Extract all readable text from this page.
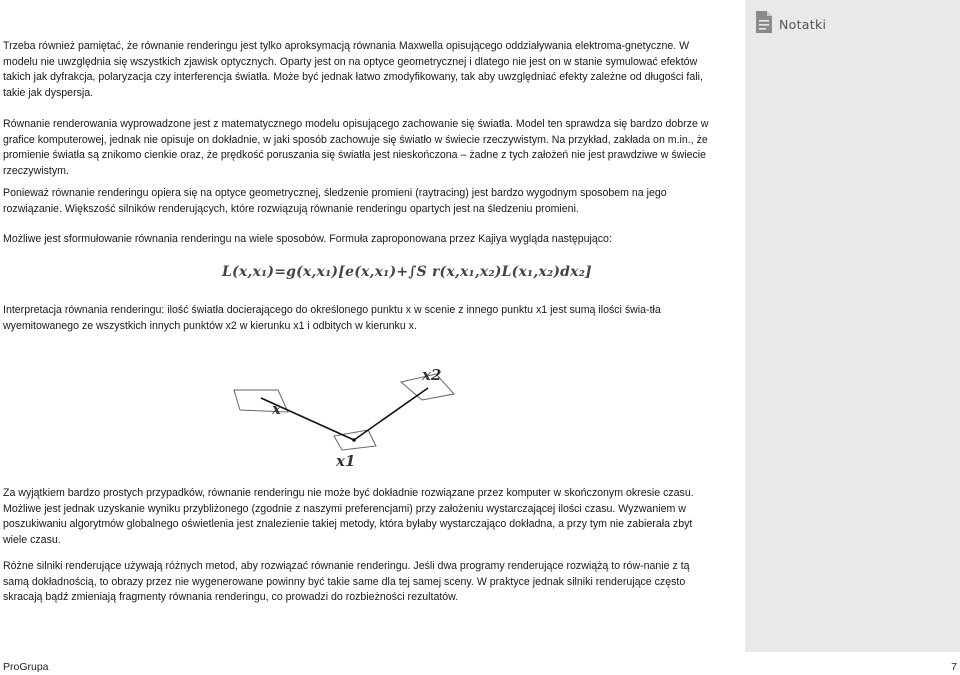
Trzeba również pamiętać, że równanie renderingu jest tylko aproksymacją równania Maxwella opisującego oddziaływania elektroma-gnetyczne. W modelu nie uwzględnia się wszystkich zjawisk optycznych. Oparty jest on na optyce geometrycznej i dlatego nie jest on w stanie symulować efektów takich jak dyfrakcja, polaryzacja czy interferencja światła. Może być jednak łatwo zmodyfikowany, tak aby uwzględniać efekty zależne od długości fali, takie jak dyspersja.

Równanie renderowania wyprowadzone jest z matematycznego modelu opisującego zachowanie się światła. Model ten sprawdza się bardzo dobrze w grafice komputerowej, jednak nie opisuje on dokładnie, w jaki sposób zachowuje się światło w świecie rzeczywistym. Na przykład, zakłada on m.in., że promienie światła są znikomo cienkie oraz, że prędkość poruszania się światła jest nieskończona – żadne z tych założeń nie jest prawdziwe w świecie rzeczywistym.

Ponieważ równanie renderingu opiera się na optyce geometrycznej, śledzenie promieni (raytracing) jest bardzo wygodnym sposobem na jego rozwiązanie. Większość silników renderujących, które rozwiązują równanie renderingu opartych jest na śledzeniu promieni.

Możliwe jest sformułowanie równania renderingu na wiele sposobów. Formuła zaproponowana przez Kajiya wygląda następująco:

L(x,x₁)=g(x,x₁)[e(x,x₁)+∫S r(x,x₁,x₂)L(x₁,x₂)dx₂]

Interpretacja równania renderingu: ilość światła docierającego do określonego punktu x w scenie z innego punktu x1 jest sumą ilości świa-tła wyemitowanego ze wszystkich innych punktów x2 w kierunku x1 i odbitych w kierunku x.

x
x1
x2

Za wyjątkiem bardzo prostych przypadków, równanie renderingu nie może być dokładnie rozwiązane przez komputer w skończonym okresie czasu. Możliwe jest jednak uzyskanie wyniku przybliżonego (zgodnie z naszymi preferencjami) przy założeniu wystarczającej ilości czasu. Wyzwaniem w poszukiwaniu algorytmów globalnego oświetlenia jest znalezienie takiej metody, która byłaby wystarczająco dokładna, a przy tym nie zabierała zbyt wiele czasu.

Różne silniki renderujące używają różnych metod, aby rozwiązać równanie renderingu. Jeśli dwa programy renderujące rozwiążą to rów-nanie z tą samą dokładnością, to obrazy przez nie wygenerowane powinny być takie same dla tej samej sceny. W praktyce jednak silniki renderujące często skracają bądź zmieniają fragmenty równania renderingu, co prowadzi do rozbieżności rezultatów.

Notatki
ProGrupa	7
